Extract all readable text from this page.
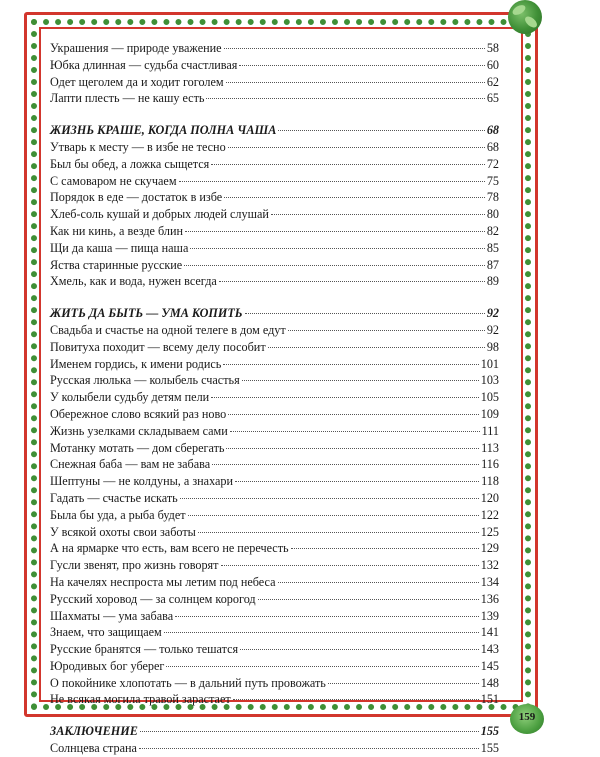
Украшения — природе уважение	58
Юбка длинная — судьба счастливая	60
Одет щеголем да и ходит гоголем	62
Лапти плесть — не кашу есть	65
ЖИЗНЬ КРАШЕ, КОГДА ПОЛНА ЧАША	68
Утварь к месту — в избе не тесно	68
Был бы обед, а ложка сыщется	72
С самоваром не скучаем	75
Порядок в еде — достаток в избе	78
Хлеб-соль кушай и добрых людей слушай	80
Как ни кинь, а везде блин	82
Щи да каша — пища наша	85
Яства старинные русские	87
Хмель, как и вода, нужен всегда	89
ЖИТЬ ДА БЫТЬ — УМА КОПИТЬ	92
Свадьба и счастье на одной телеге в дом едут	92
Повитуха походит — всему делу пособит	98
Именем гордись, к имени родись	101
Русская люлька — колыбель счастья	103
У колыбели судьбу детям пели	105
Обережное слово всякий раз ново	109
Жизнь узелками складываем сами	111
Мотанку мотать — дом сберегать	113
Снежная баба — вам не забава	116
Шептуны — не колдуны, а знахари	118
Гадать — счастье искать	120
Была бы уда, а рыба будет	122
У всякой охоты свои заботы	125
А на ярмарке что есть, вам всего не перечесть	129
Гусли звенят, про жизнь говорят	132
На качелях неспроста мы летим под небеса	134
Русский хоровод — за солнцем корогод	136
Шахматы — ума забава	139
Знаем, что защищаем	141
Русские бранятся — только тешатся	143
Юродивых бог уберег	145
О покойнике хлопотать — в дальний путь провожать	148
Не всякая могила травой зарастает	151
ЗАКЛЮЧЕНИЕ	155
Солнцева страна	155
159
